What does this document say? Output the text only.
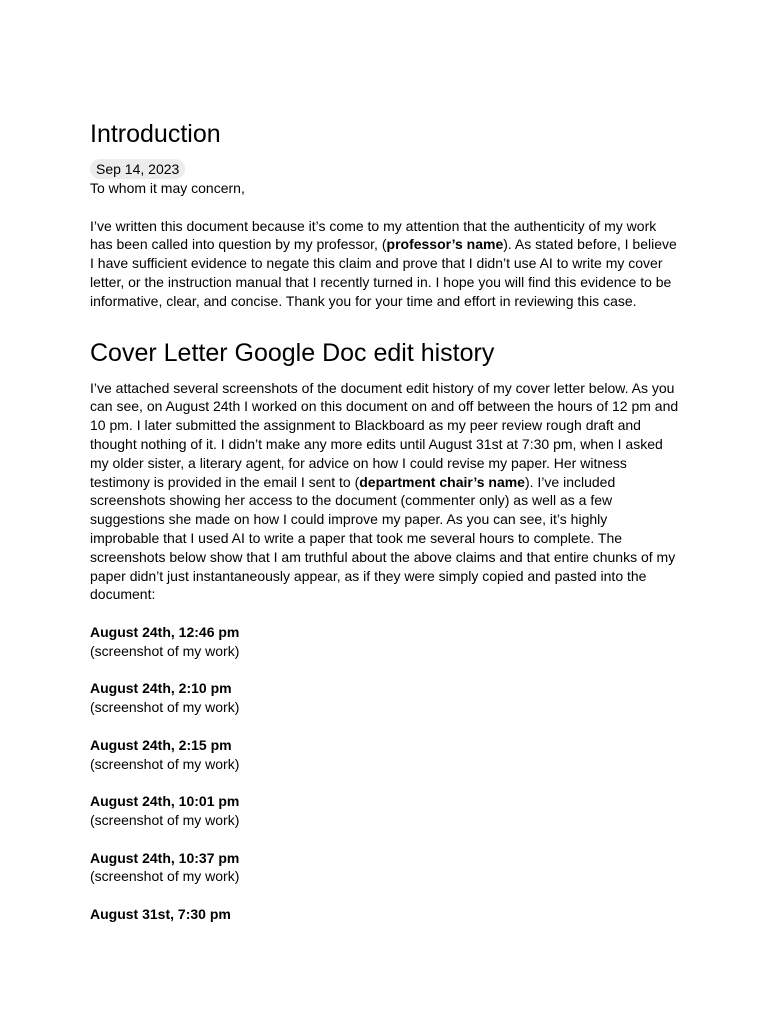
Introduction
Sep 14, 2023

To whom it may concern,

I’ve written this document because it’s come to my attention that the authenticity of my work has been called into question by my professor, (professor’s name). As stated before, I believe I have sufficient evidence to negate this claim and prove that I didn’t use AI to write my cover letter, or the instruction manual that I recently turned in. I hope you will find this evidence to be informative, clear, and concise. Thank you for your time and effort in reviewing this case.

Cover Letter Google Doc edit history

I’ve attached several screenshots of the document edit history of my cover letter below. As you can see, on August 24th I worked on this document on and off between the hours of 12 pm and 10 pm. I later submitted the assignment to Blackboard as my peer review rough draft and thought nothing of it. I didn’t make any more edits until August 31st at 7:30 pm, when I asked my older sister, a literary agent, for advice on how I could revise my paper. Her witness testimony is provided in the email I sent to (department chair’s name). I’ve included screenshots showing her access to the document (commenter only) as well as a few suggestions she made on how I could improve my paper. As you can see, it’s highly improbable that I used AI to write a paper that took me several hours to complete. The screenshots below show that I am truthful about the above claims and that entire chunks of my paper didn’t just instantaneously appear, as if they were simply copied and pasted into the document:

August 24th, 12:46 pm

(screenshot of my work)

August 24th, 2:10 pm

(screenshot of my work)

August 24th, 2:15 pm

(screenshot of my work)

August 24th, 10:01 pm

(screenshot of my work)

August 24th, 10:37 pm

(screenshot of my work)

August 31st, 7:30 pm
